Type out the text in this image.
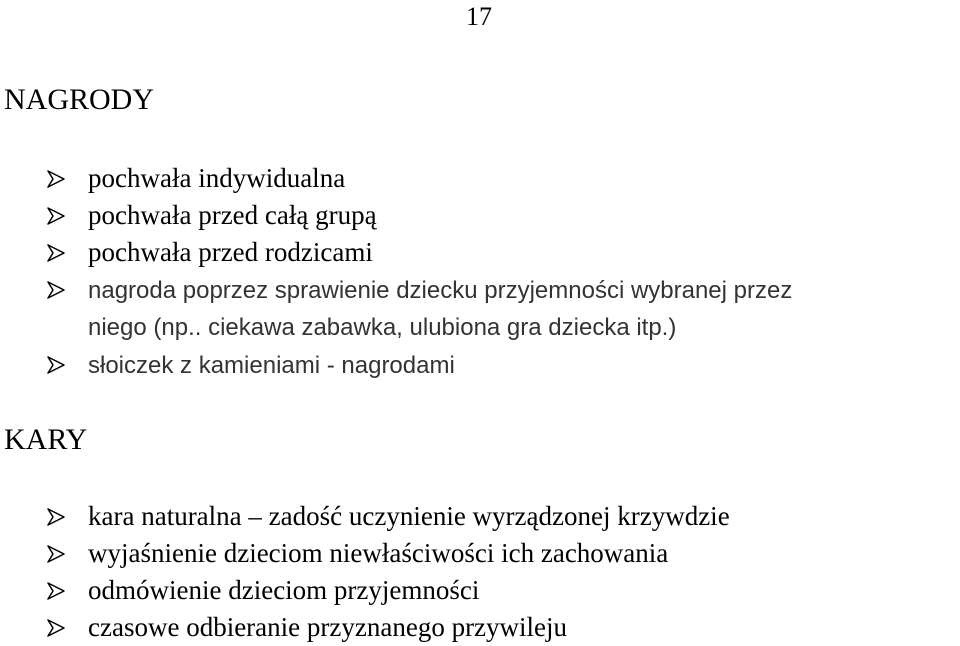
17
NAGRODY
pochwała indywidualna
pochwała przed całą grupą
pochwała przed rodzicami
nagroda poprzez sprawienie dziecku przyjemności wybranej przez
niego (np.. ciekawa zabawka, ulubiona gra dziecka itp.)
słoiczek z kamieniami - nagrodami
KARY
kara naturalna – zadość uczynienie wyrządzonej krzywdzie
wyjaśnienie dzieciom niewłaściwości ich zachowania
odmówienie dzieciom przyjemności
czasowe odbieranie przyznanego przywileju
